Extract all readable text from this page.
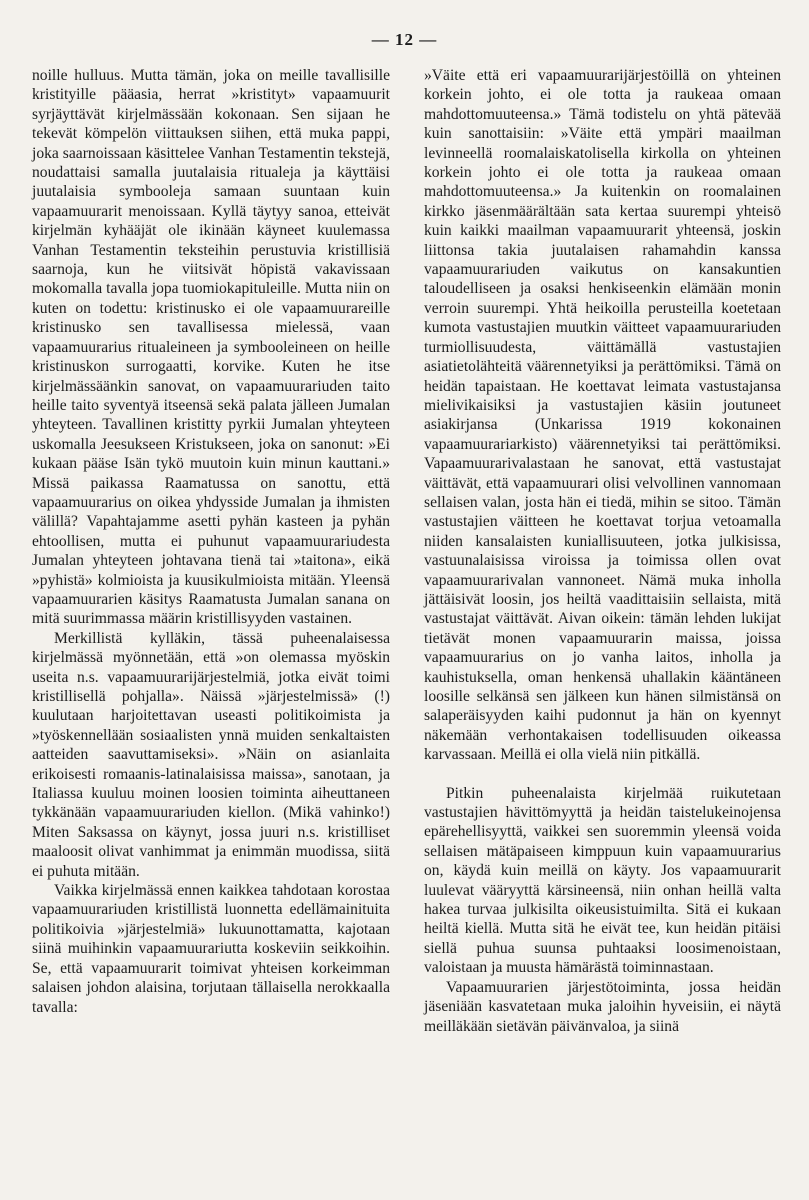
— 12 —

noille hulluus. Mutta tämän, joka on meille tavallisille kristityille pääasia, herrat »kristityt» vapaamuurit syrjäyttävät kirjelmässään kokonaan. Sen sijaan he tekevät kömpelön viittauksen siihen, että muka pappi, joka saarnoissaan käsittelee Vanhan Testamentin tekstejä, noudattaisi samalla juutalaisia ritualeja ja käyttäisi juutalaisia symbooleja samaan suuntaan kuin vapaamuurarit menoissaan. Kyllä täytyy sanoa, etteivät kirjelmän kyhääjät ole ikinään käyneet kuulemassa Vanhan Testamentin teksteihin perustuvia kristillisiä saarnoja, kun he viitsivät höpistä vakavissaan mokomalla tavalla jopa tuomiokapituleille. Mutta niin on kuten on todettu: kristinusko ei ole vapaamuurareille kristinusko sen tavallisessa mielessä, vaan vapaamuurarius ritualeineen ja symbooleineen on heille kristinuskon surrogaatti, korvike. Kuten he itse kirjelmässäänkin sanovat, on vapaamuurariuden taito heille taito syventyä itseensä sekä palata jälleen Jumalan yhteyteen. Tavallinen kristitty pyrkii Jumalan yhteyteen uskomalla Jeesukseen Kristukseen, joka on sanonut: »Ei kukaan pääse Isän tykö muutoin kuin minun kauttani.» Missä paikassa Raamatussa on sanottu, että vapaamuurarius on oikea yhdysside Jumalan ja ihmisten välillä? Vapahtajamme asetti pyhän kasteen ja pyhän ehtoollisen, mutta ei puhunut vapaamuurariudesta Jumalan yhteyteen johtavana tienä tai »taitona», eikä »pyhistä» kolmioista ja kuusikulmioista mitään. Yleensä vapaamuurarien käsitys Raamatusta Jumalan sanana on mitä suurimmassa määrin kristillisyyden vastainen.

Merkillistä kylläkin, tässä puheenalaisessa kirjelmässä myönnetään, että »on olemassa myöskin useita n.s. vapaamuurarijärjestelmiä, jotka eivät toimi kristillisellä pohjalla». Näissä »järjestelmissä» (!) kuulutaan harjoitettavan useasti politikoimista ja »työskennellään sosiaalisten ynnä muiden senkaltaisten aatteiden saavuttamiseksi». »Näin on asianlaita erikoisesti romaanis-latinalaisissa maissa», sanotaan, ja Italiassa kuuluu moinen loosien toiminta aiheuttaneen tykkänään vapaamuurariuden kiellon. (Mikä vahinko!) Miten Saksassa on käynyt, jossa juuri n.s. kristilliset maaloosit olivat vanhimmat ja enimmän muodissa, siitä ei puhuta mitään.

Vaikka kirjelmässä ennen kaikkea tahdotaan korostaa vapaamuurariuden kristillistä luonnetta edellämainituita politikoivia »järjestelmiä» lukuunottamatta, kajotaan siinä muihinkin vapaamuurariutta koskeviin seikkoihin. Se, että vapaamuurarit toimivat yhteisen korkeimman salaisen johdon alaisina, torjutaan tällaisella nerokkaalla tavalla:

»Väite että eri vapaamuurarijärjestöillä on yhteinen korkein johto, ei ole totta ja raukeaa omaan mahdottomuuteensa.» Tämä todistelu on yhtä pätevää kuin sanottaisiin: »Väite että ympäri maailman levinneellä roomalaiskatolisella kirkolla on yhteinen korkein johto ei ole totta ja raukeaa omaan mahdottomuuteensa.» Ja kuitenkin on roomalainen kirkko jäsenmäärältään sata kertaa suurempi yhteisö kuin kaikki maailman vapaamuurarit yhteensä, joskin liittonsa takia juutalaisen rahamahdin kanssa vapaamuurariuden vaikutus on kansakuntien taloudelliseen ja osaksi henkiseenkin elämään monin verroin suurempi. Yhtä heikoilla perusteilla koetetaan kumota vastustajien muutkin väitteet vapaamuurariuden turmiollisuudesta, väittämällä vastustajien asiatietolähteitä väärennetyiksi ja perättömiksi. Tämä on heidän tapaistaan. He koettavat leimata vastustajansa mielivikaisiksi ja vastustajien käsiin joutuneet asiakirjansa (Unkarissa 1919 kokonainen vapaamuurariarkisto) väärennetyiksi tai perättömiksi. Vapaamuurarivalastaan he sanovat, että vastustajat väittävät, että vapaamuurari olisi velvollinen vannomaan sellaisen valan, josta hän ei tiedä, mihin se sitoo. Tämän vastustajien väitteen he koettavat torjua vetoamalla niiden kansalaisten kuniallisuuteen, jotka julkisissa, vastuunalaisissa viroissa ja toimissa ollen ovat vapaamuurarivalan vannoneet. Nämä muka inholla jättäisivät loosin, jos heiltä vaadittaisiin sellaista, mitä vastustajat väittävät. Aivan oikein: tämän lehden lukijat tietävät monen vapaamuurarin maissa, joissa vapaamuurarius on jo vanha laitos, inholla ja kauhistuksella, oman henkensä uhallakin kääntäneen loosille selkänsä sen jälkeen kun hänen silmistänsä on salaperäisyyden kaihi pudonnut ja hän on kyennyt näkemään verhontakaisen todellisuuden oikeassa karvassaan. Meillä ei olla vielä niin pitkällä.

Pitkin puheenalaista kirjelmää ruikutetaan vastustajien hävittömyyttä ja heidän taistelukeinojensa epärehellisyyttä, vaikkei sen suoremmin yleensä voida sellaisen mätäpaiseen kimppuun kuin vapaamuurarius on, käydä kuin meillä on käyty. Jos vapaamuurarit luulevat vääryyttä kärsineensä, niin onhan heillä valta hakea turvaa julkisilta oikeusistuimilta. Sitä ei kukaan heiltä kiellä. Mutta sitä he eivät tee, kun heidän pitäisi siellä puhua suunsa puhtaaksi loosimenoistaan, valoistaan ja muusta hämärästä toiminnastaan.

Vapaamuurarien järjestötoiminta, jossa heidän jäseniään kasvatetaan muka jaloihin hyveisiin, ei näytä meilläkään sietävän päivänvaloa, ja siinä
